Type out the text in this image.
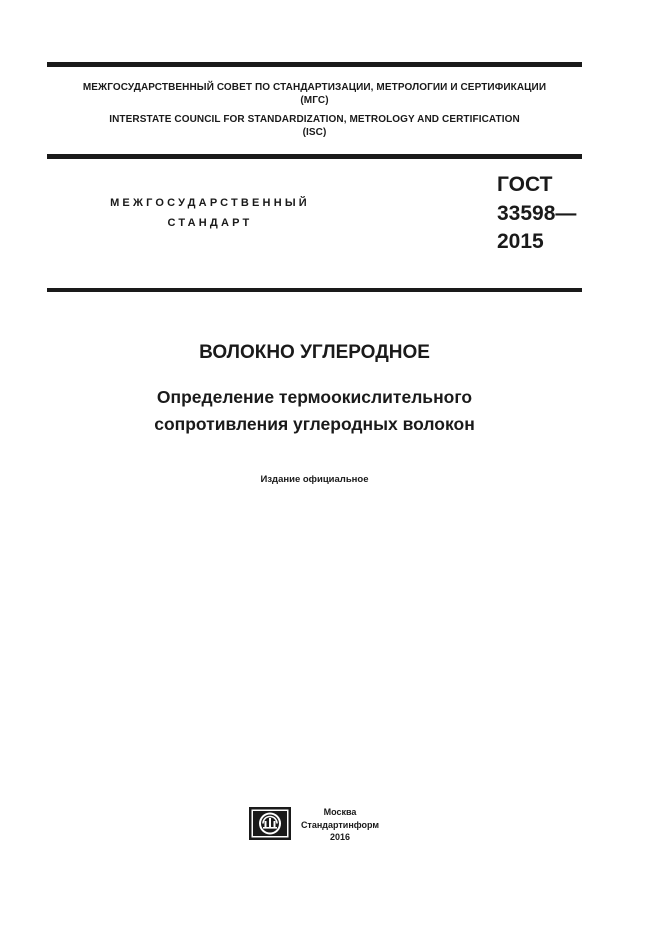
МЕЖГОСУДАРСТВЕННЫЙ СОВЕТ ПО СТАНДАРТИЗАЦИИ, МЕТРОЛОГИИ И СЕРТИФИКАЦИИ
(МГС)
INTERSTATE COUNCIL FOR STANDARDIZATION, METROLOGY AND CERTIFICATION
(ISC)
МЕЖГОСУДАРСТВЕННЫЙ
СТАНДАРТ
ГОСТ
33598—
2015
ВОЛОКНО УГЛЕРОДНОЕ
Определение термоокислительного
сопротивления углеродных волокон
Издание официальное
Москва
Стандартинформ
2016
